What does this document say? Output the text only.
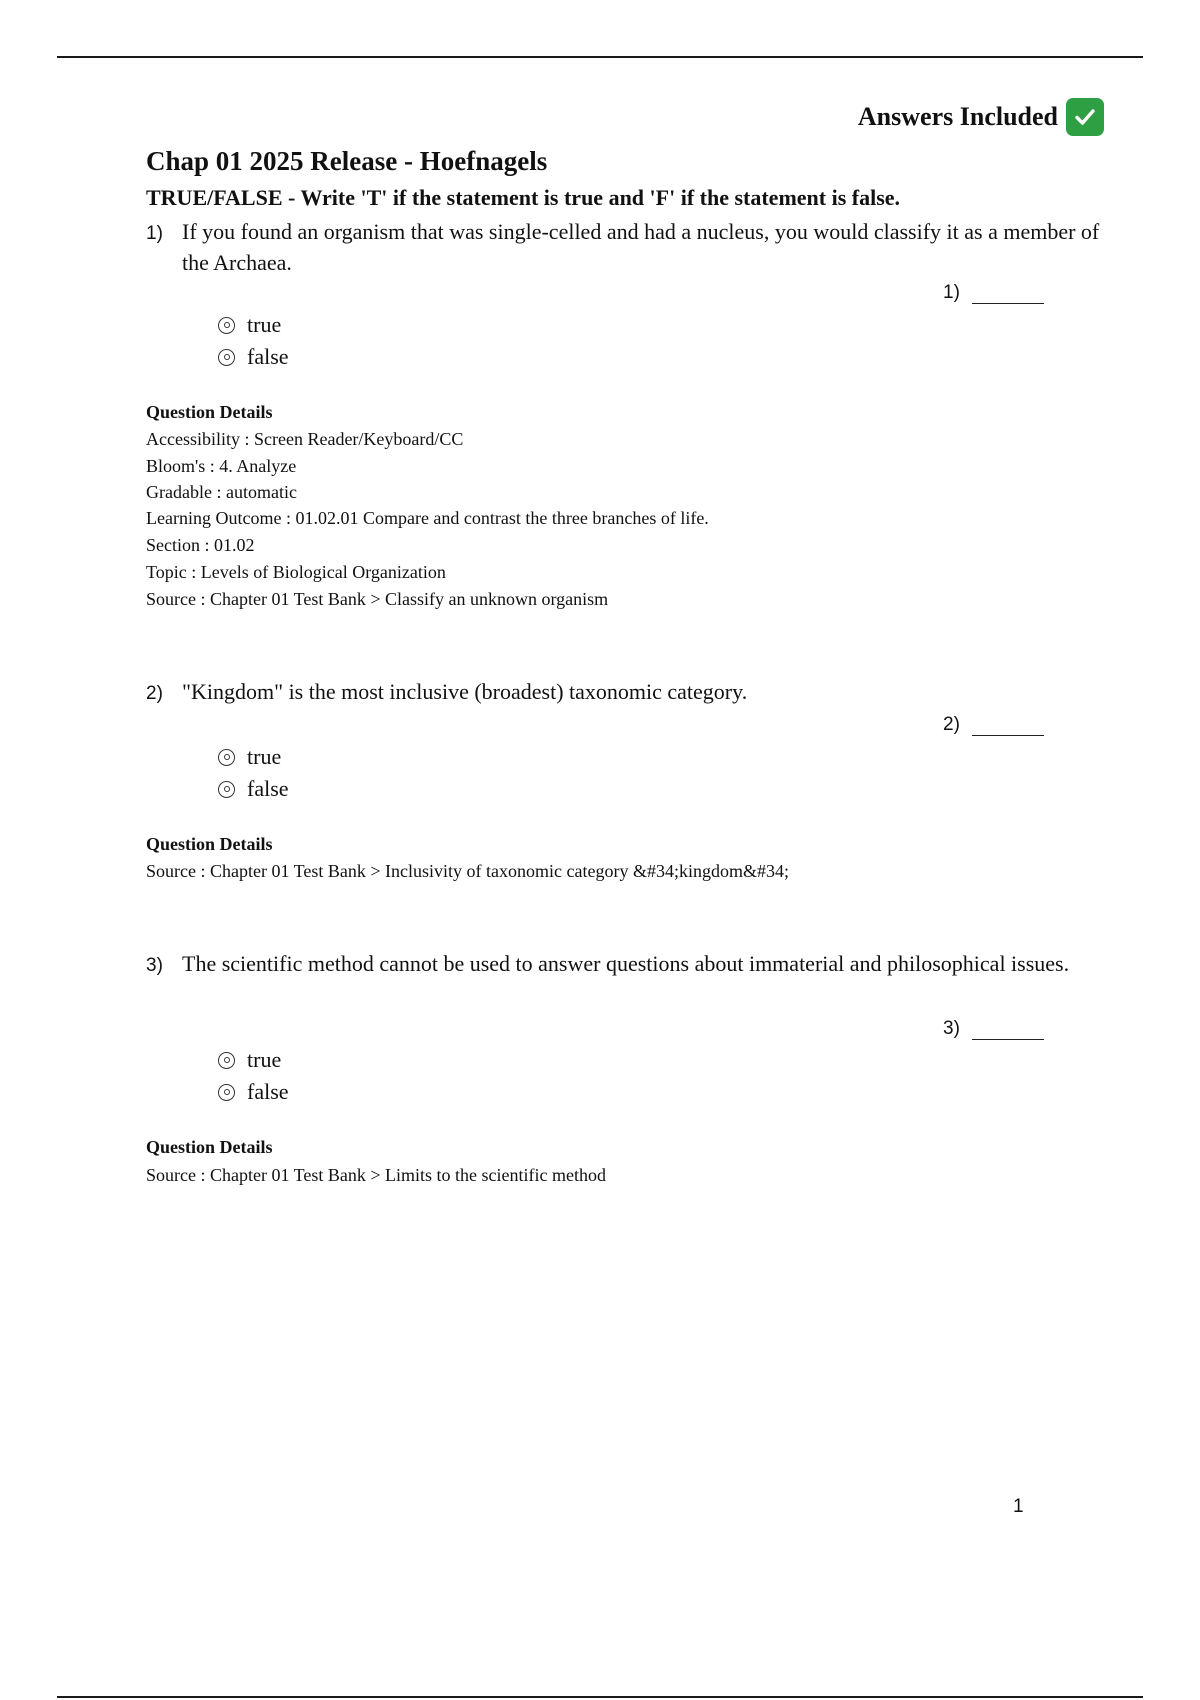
Answers Included
Chap 01 2025 Release - Hoefnagels
TRUE/FALSE - Write 'T' if the statement is true and 'F' if the statement is false.
1) If you found an organism that was single-celled and had a nucleus, you would classify it as a member of the Archaea.
1)
true
false
Question Details
Accessibility : Screen Reader/Keyboard/CC
Bloom's : 4. Analyze
Gradable : automatic
Learning Outcome : 01.02.01 Compare and contrast the three branches of life.
Section : 01.02
Topic : Levels of Biological Organization
Source : Chapter 01 Test Bank > Classify an unknown organism
2) "Kingdom" is the most inclusive (broadest) taxonomic category.
2)
true
false
Question Details
Source : Chapter 01 Test Bank > Inclusivity of taxonomic category &#34;kingdom&#34;
3) The scientific method cannot be used to answer questions about immaterial and philosophical issues.
3)
true
false
Question Details
Source : Chapter 01 Test Bank > Limits to the scientific method
1
